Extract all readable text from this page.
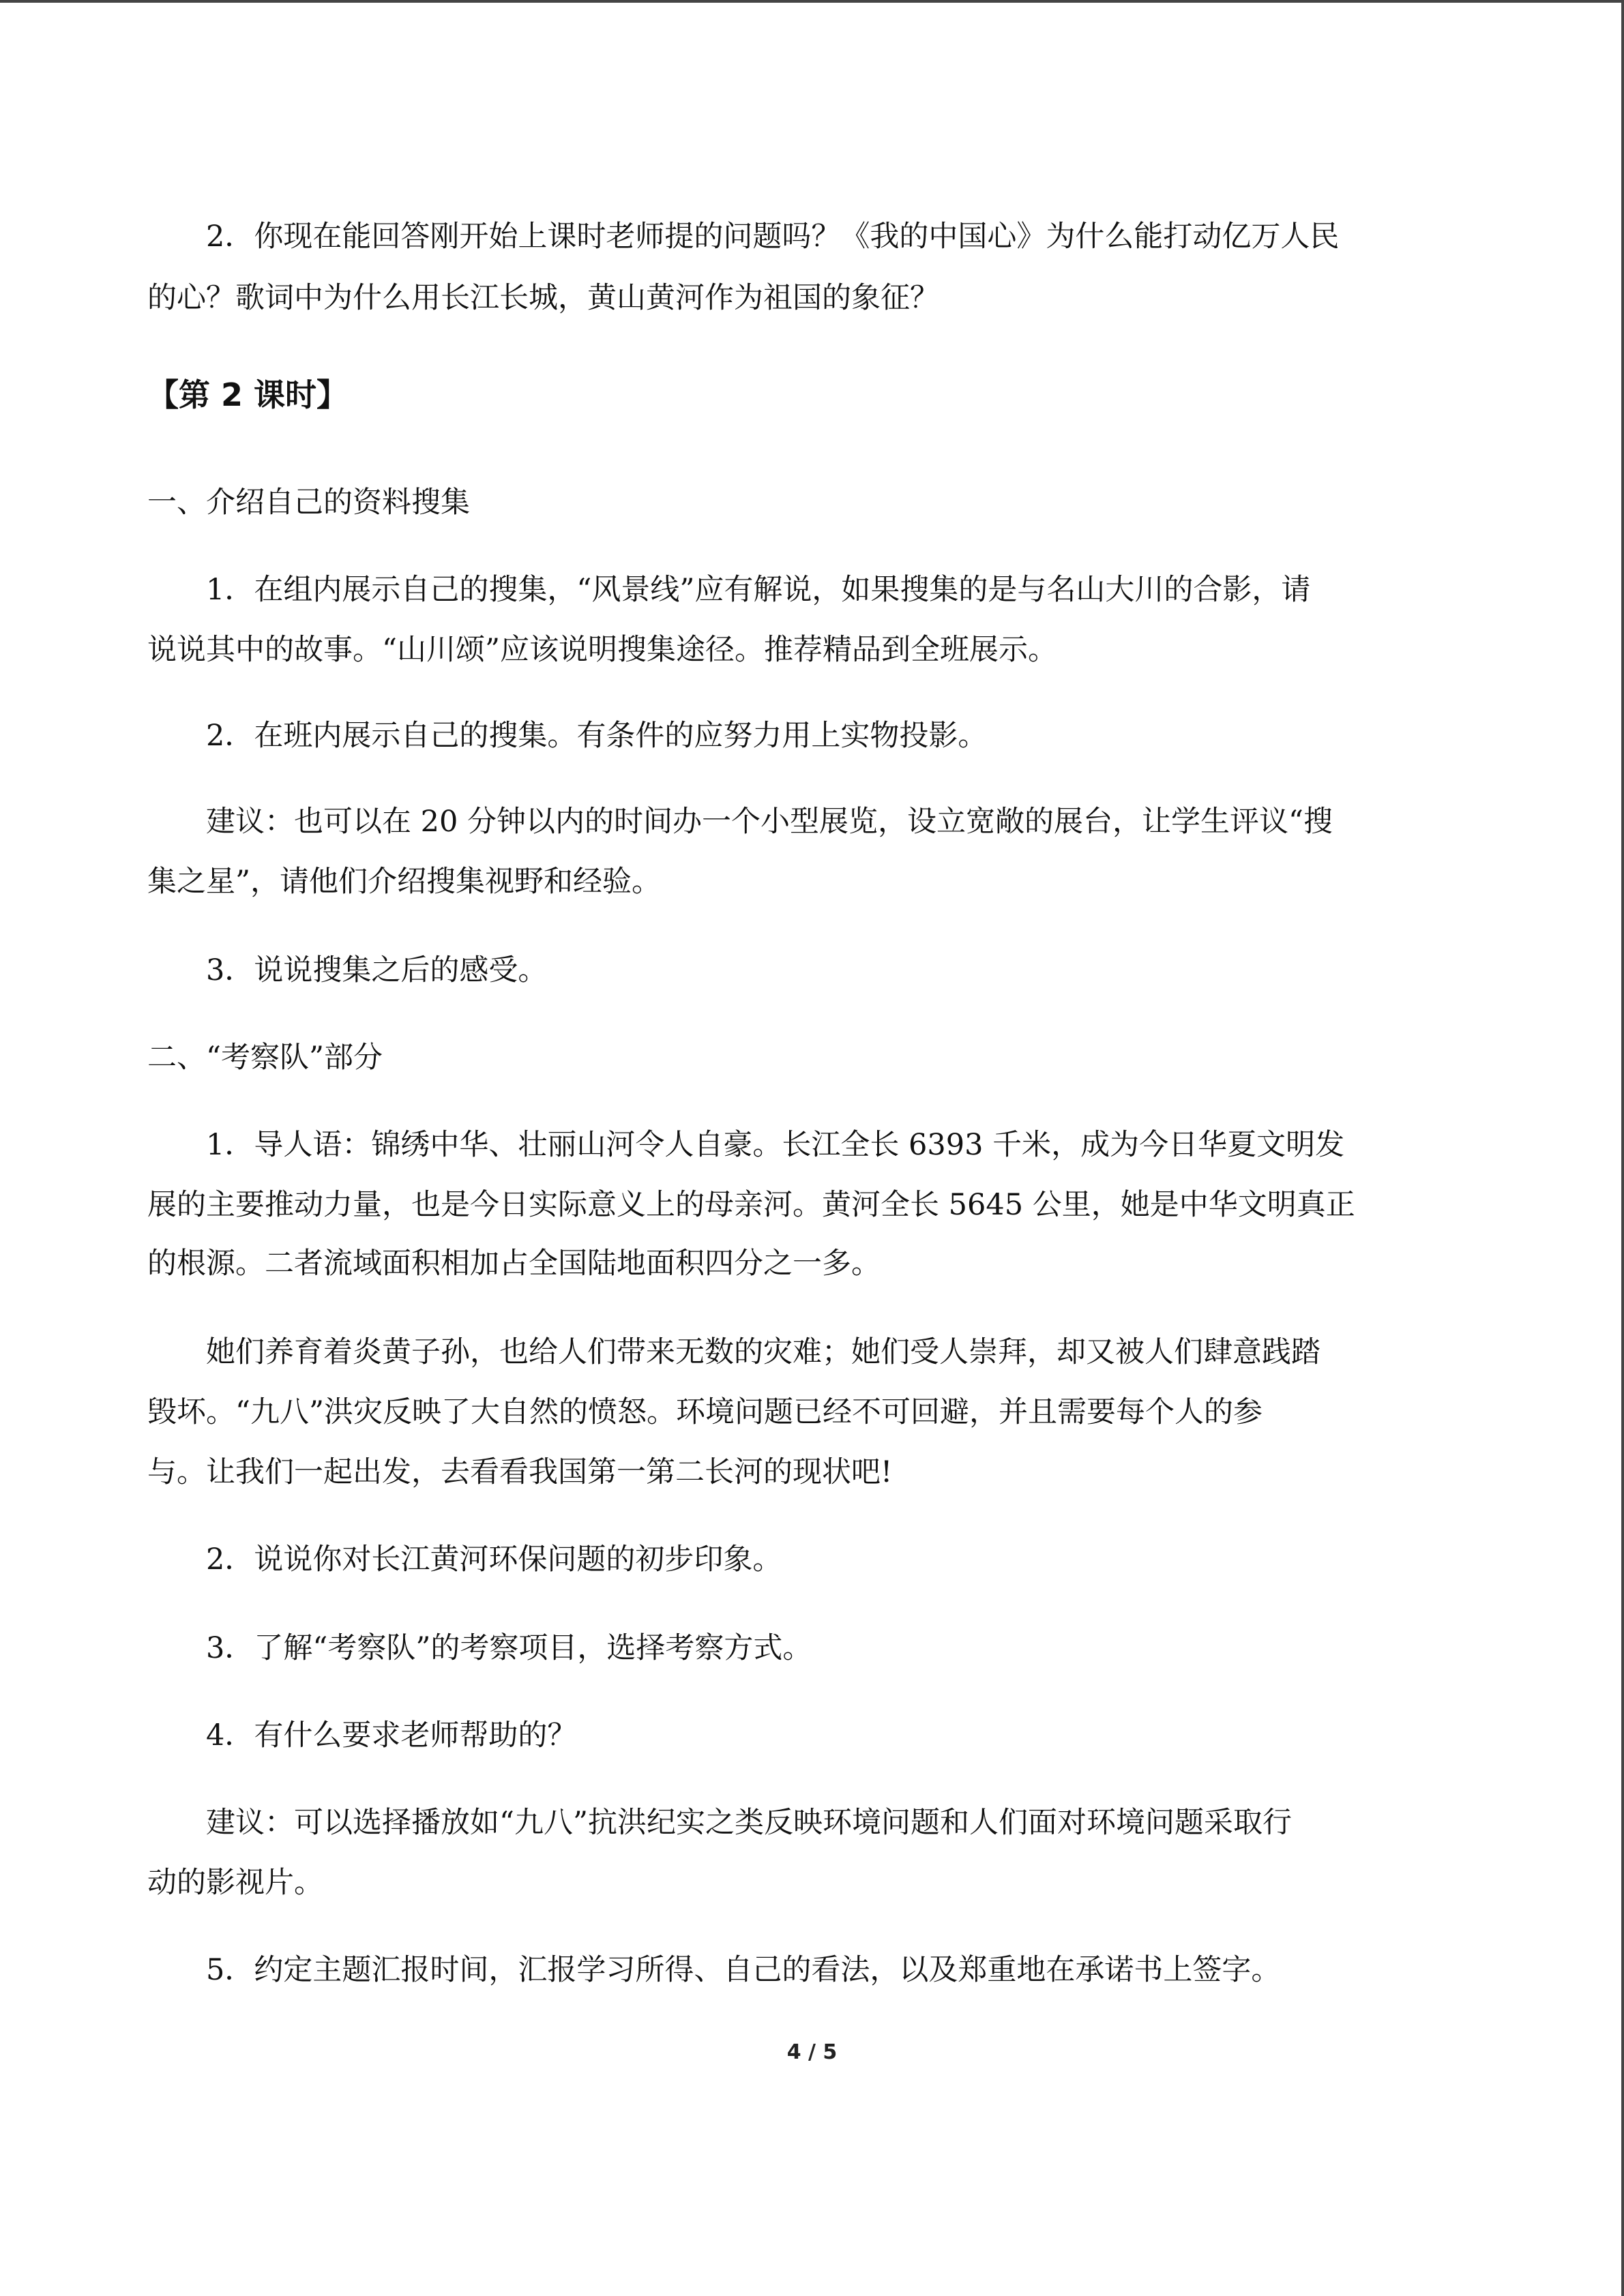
2．你现在能回答刚开始上课时老师提的问题吗？《我的中国心》为什么能打动亿万人民

的心？歌词中为什么用长江长城，黄山黄河作为祖国的象征？

【第 2 课时】

一、介绍自己的资料搜集

1．在组内展示自己的搜集，“风景线”应有解说，如果搜集的是与名山大川的合影，请

说说其中的故事。“山川颂”应该说明搜集途径。推荐精品到全班展示。

2．在班内展示自己的搜集。有条件的应努力用上实物投影。

建议：也可以在 20 分钟以内的时间办一个小型展览，设立宽敞的展台，让学生评议“搜

集之星”，请他们介绍搜集视野和经验。

3．说说搜集之后的感受。

二、“考察队”部分

1．导人语：锦绣中华、壮丽山河令人自豪。长江全长 6393 千米，成为今日华夏文明发

展的主要推动力量，也是今日实际意义上的母亲河。黄河全长 5645 公里，她是中华文明真正

的根源。二者流域面积相加占全国陆地面积四分之一多。

她们养育着炎黄子孙，也给人们带来无数的灾难；她们受人崇拜，却又被人们肆意践踏

毁坏。“九八”洪灾反映了大自然的愤怒。环境问题已经不可回避，并且需要每个人的参

与。让我们一起出发，去看看我国第一第二长河的现状吧!

2．说说你对长江黄河环保问题的初步印象。

3．了解“考察队”的考察项目，选择考察方式。

4．有什么要求老师帮助的？

建议：可以选择播放如“九八”抗洪纪实之类反映环境问题和人们面对环境问题采取行

动的影视片。

5．约定主题汇报时间，汇报学习所得、自己的看法，以及郑重地在承诺书上签字。

4 / 5
